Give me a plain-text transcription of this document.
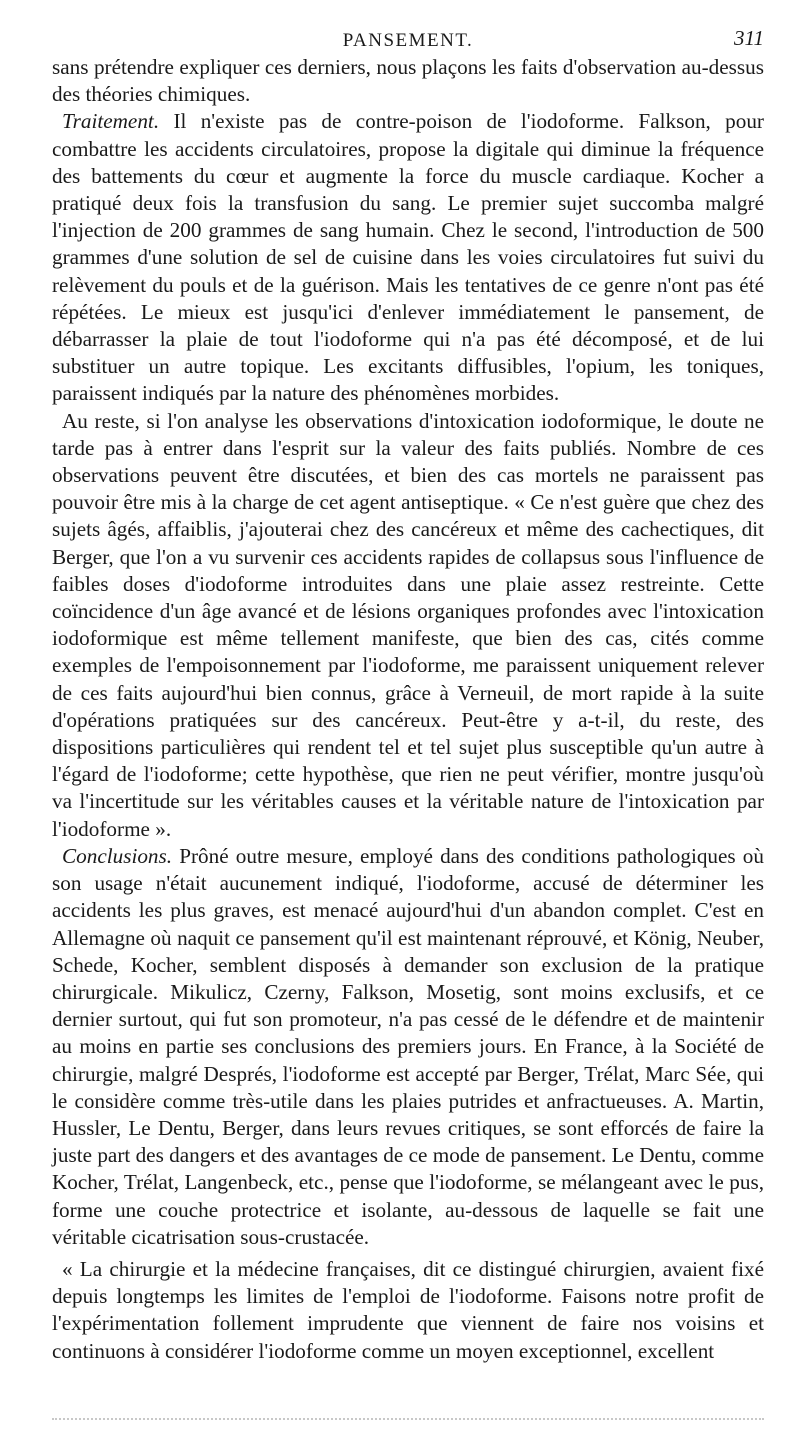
PANSEMENT.	311

sans prétendre expliquer ces derniers, nous plaçons les faits d'observation au-dessus des théories chimiques.

Traitement. Il n'existe pas de contre-poison de l'iodoforme. Falkson, pour combattre les accidents circulatoires, propose la digitale qui diminue la fréquence des battements du cœur et augmente la force du muscle cardiaque. Kocher a pratiqué deux fois la transfusion du sang. Le premier sujet succomba malgré l'injection de 200 grammes de sang humain. Chez le second, l'introduction de 500 grammes d'une solution de sel de cuisine dans les voies circulatoires fut suivi du relèvement du pouls et de la guérison. Mais les tentatives de ce genre n'ont pas été répétées. Le mieux est jusqu'ici d'enlever immédiatement le pansement, de débarrasser la plaie de tout l'iodoforme qui n'a pas été décomposé, et de lui substituer un autre topique. Les excitants diffusibles, l'opium, les toniques, paraissent indiqués par la nature des phénomènes morbides.

Au reste, si l'on analyse les observations d'intoxication iodoformique, le doute ne tarde pas à entrer dans l'esprit sur la valeur des faits publiés. Nombre de ces observations peuvent être discutées, et bien des cas mortels ne paraissent pas pouvoir être mis à la charge de cet agent antiseptique. « Ce n'est guère que chez des sujets âgés, affaiblis, j'ajouterai chez des cancéreux et même des cachectiques, dit Berger, que l'on a vu survenir ces accidents rapides de collapsus sous l'influence de faibles doses d'iodoforme introduites dans une plaie assez restreinte. Cette coïncidence d'un âge avancé et de lésions organiques profondes avec l'intoxication iodoformique est même tellement manifeste, que bien des cas, cités comme exemples de l'empoisonnement par l'iodoforme, me paraissent uniquement relever de ces faits aujourd'hui bien connus, grâce à Verneuil, de mort rapide à la suite d'opérations pratiquées sur des cancéreux. Peut-être y a-t-il, du reste, des dispositions particulières qui rendent tel et tel sujet plus susceptible qu'un autre à l'égard de l'iodoforme; cette hypothèse, que rien ne peut vérifier, montre jusqu'où va l'incertitude sur les véritables causes et la véritable nature de l'intoxication par l'iodoforme ».

Conclusions. Prôné outre mesure, employé dans des conditions pathologiques où son usage n'était aucunement indiqué, l'iodoforme, accusé de déterminer les accidents les plus graves, est menacé aujourd'hui d'un abandon complet. C'est en Allemagne où naquit ce pansement qu'il est maintenant réprouvé, et König, Neuber, Schede, Kocher, semblent disposés à demander son exclusion de la pratique chirurgicale. Mikulicz, Czerny, Falkson, Mosetig, sont moins exclusifs, et ce dernier surtout, qui fut son promoteur, n'a pas cessé de le défendre et de maintenir au moins en partie ses conclusions des premiers jours. En France, à la Société de chirurgie, malgré Després, l'iodoforme est accepté par Berger, Trélat, Marc Sée, qui le considère comme très-utile dans les plaies putrides et anfractueuses. A. Martin, Hussler, Le Dentu, Berger, dans leurs revues critiques, se sont efforcés de faire la juste part des dangers et des avantages de ce mode de pansement. Le Dentu, comme Kocher, Trélat, Langenbeck, etc., pense que l'iodoforme, se mélangeant avec le pus, forme une couche protectrice et isolante, au-dessous de laquelle se fait une véritable cicatrisation sous-crustacée.

« La chirurgie et la médecine françaises, dit ce distingué chirurgien, avaient fixé depuis longtemps les limites de l'emploi de l'iodoforme. Faisons notre profit de l'expérimentation follement imprudente que viennent de faire nos voisins et continuons à considérer l'iodoforme comme un moyen exceptionnel, excellent
